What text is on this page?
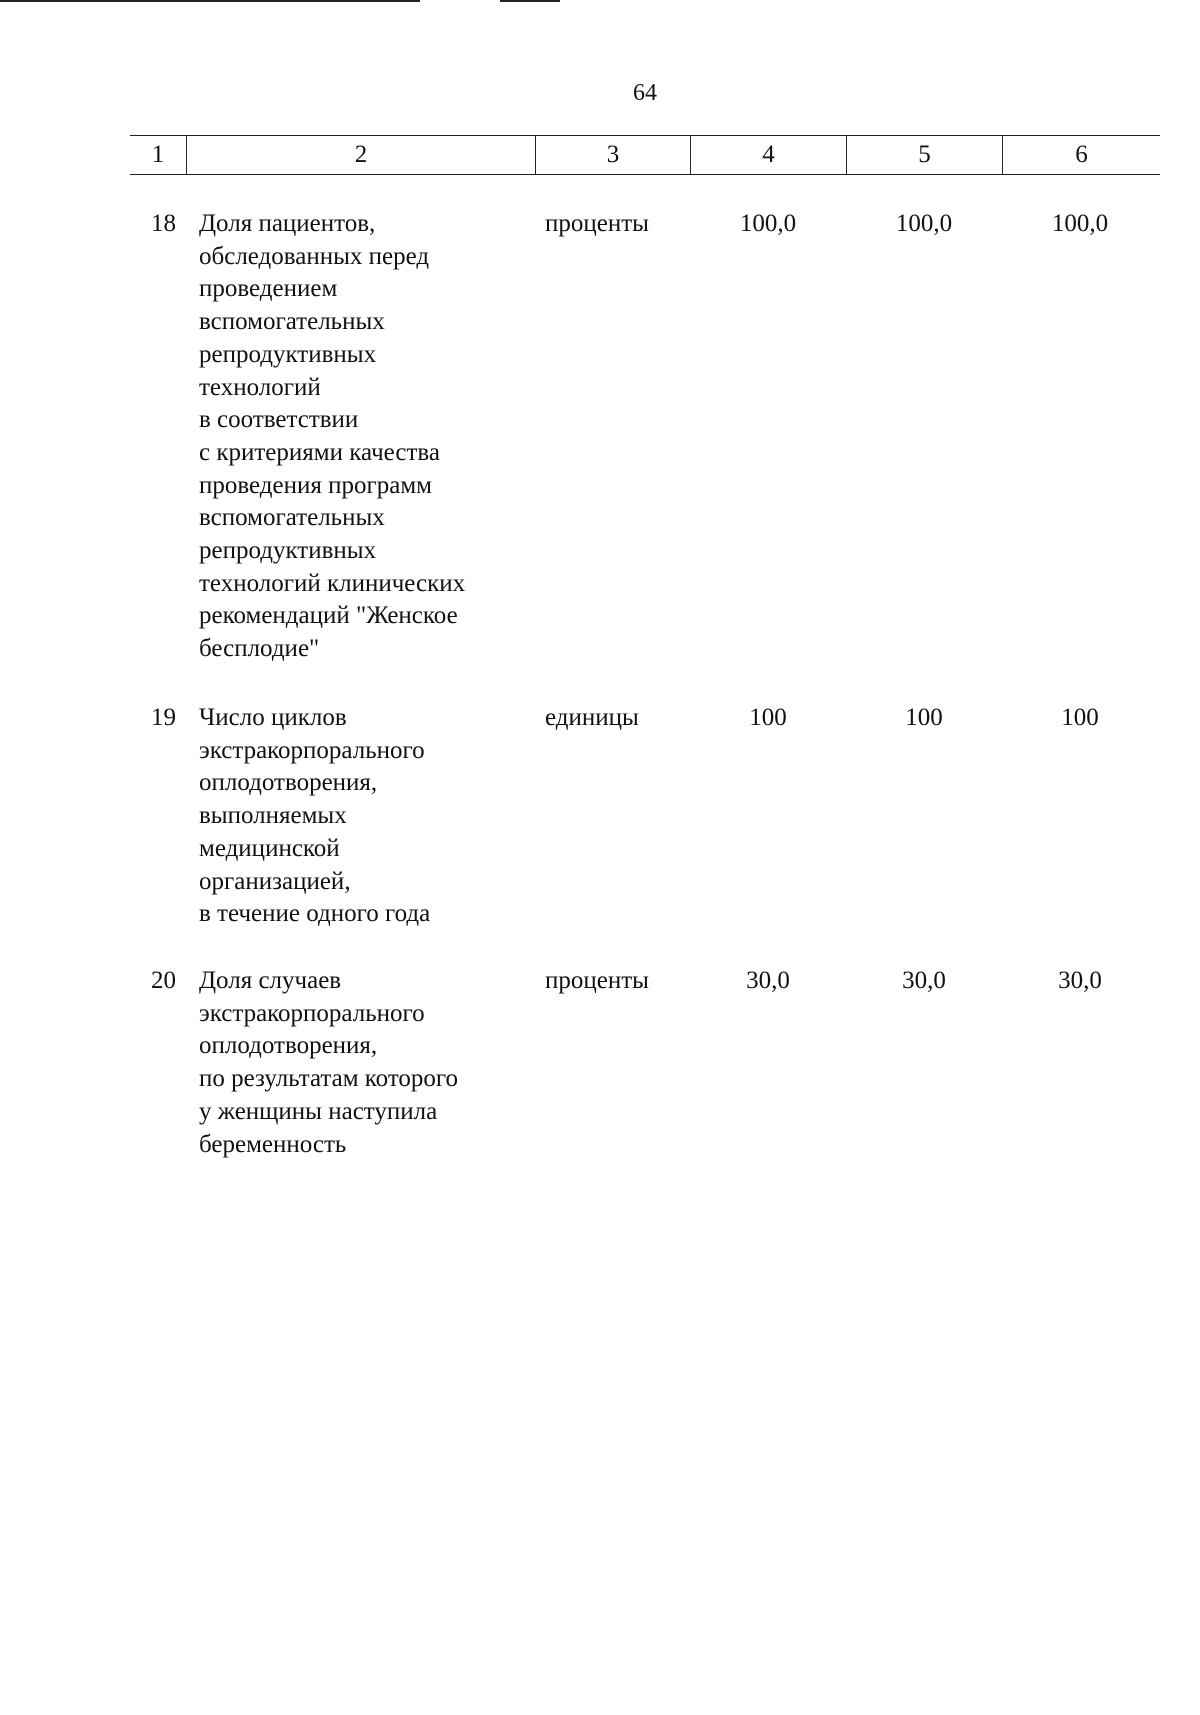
64
1	2	3	4	5	6
18 Доля пациентов,
обследованных перед
проведением
вспомогательных
репродуктивных
технологий
в соответствии
с критериями качества
проведения программ
вспомогательных
репродуктивных
технологий клинических
рекомендаций "Женское
бесплодие"
проценты	100,0	100,0	100,0
19 Число циклов
экстракорпорального
оплодотворения,
выполняемых
медицинской
организацией,
в течение одного года
единицы	100	100	100
20 Доля случаев
экстракорпорального
оплодотворения,
по результатам которого
у женщины наступила
беременность
проценты	30,0	30,0	30,0
